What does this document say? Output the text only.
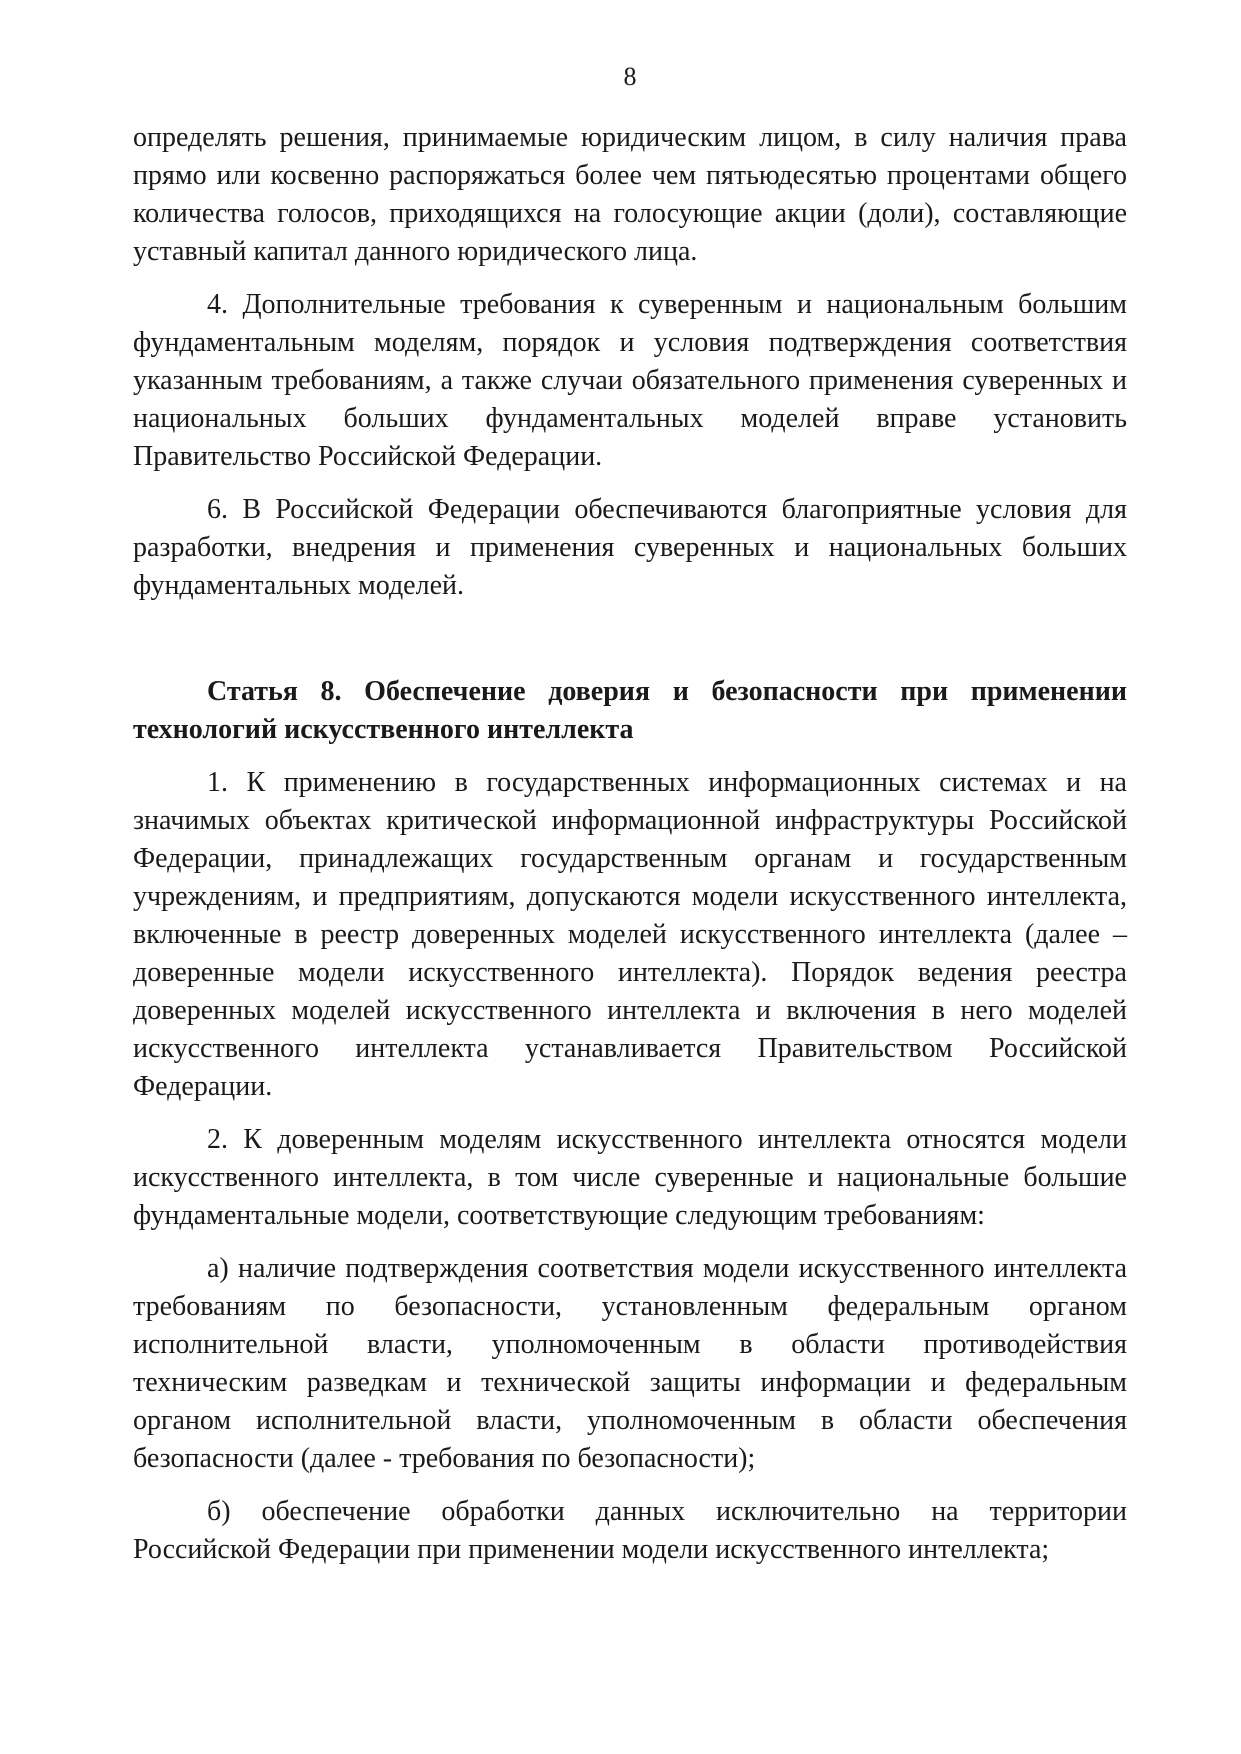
8

определять решения, принимаемые юридическим лицом, в силу наличия права прямо или косвенно распоряжаться более чем пятьюдесятью процентами общего количества голосов, приходящихся на голосующие акции (доли), составляющие уставный капитал данного юридического лица.

4. Дополнительные требования к суверенным и национальным большим фундаментальным моделям, порядок и условия подтверждения соответствия указанным требованиям, а также случаи обязательного применения суверенных и национальных больших фундаментальных моделей вправе установить Правительство Российской Федерации.

6. В Российской Федерации обеспечиваются благоприятные условия для разработки, внедрения и применения суверенных и национальных больших фундаментальных моделей.

Статья 8. Обеспечение доверия и безопасности при применении технологий искусственного интеллекта

1. К применению в государственных информационных системах и на значимых объектах критической информационной инфраструктуры Российской Федерации, принадлежащих государственным органам и государственным учреждениям, и предприятиям, допускаются модели искусственного интеллекта, включенные в реестр доверенных моделей искусственного интеллекта (далее – доверенные модели искусственного интеллекта). Порядок ведения реестра доверенных моделей искусственного интеллекта и включения в него моделей искусственного интеллекта устанавливается Правительством Российской Федерации.

2. К доверенным моделям искусственного интеллекта относятся модели искусственного интеллекта, в том числе суверенные и национальные большие фундаментальные модели, соответствующие следующим требованиям:

а) наличие подтверждения соответствия модели искусственного интеллекта требованиям по безопасности, установленным федеральным органом исполнительной власти, уполномоченным в области противодействия техническим разведкам и технической защиты информации и федеральным органом исполнительной власти, уполномоченным в области обеспечения безопасности (далее - требования по безопасности);

б) обеспечение обработки данных исключительно на территории Российской Федерации при применении модели искусственного интеллекта;
